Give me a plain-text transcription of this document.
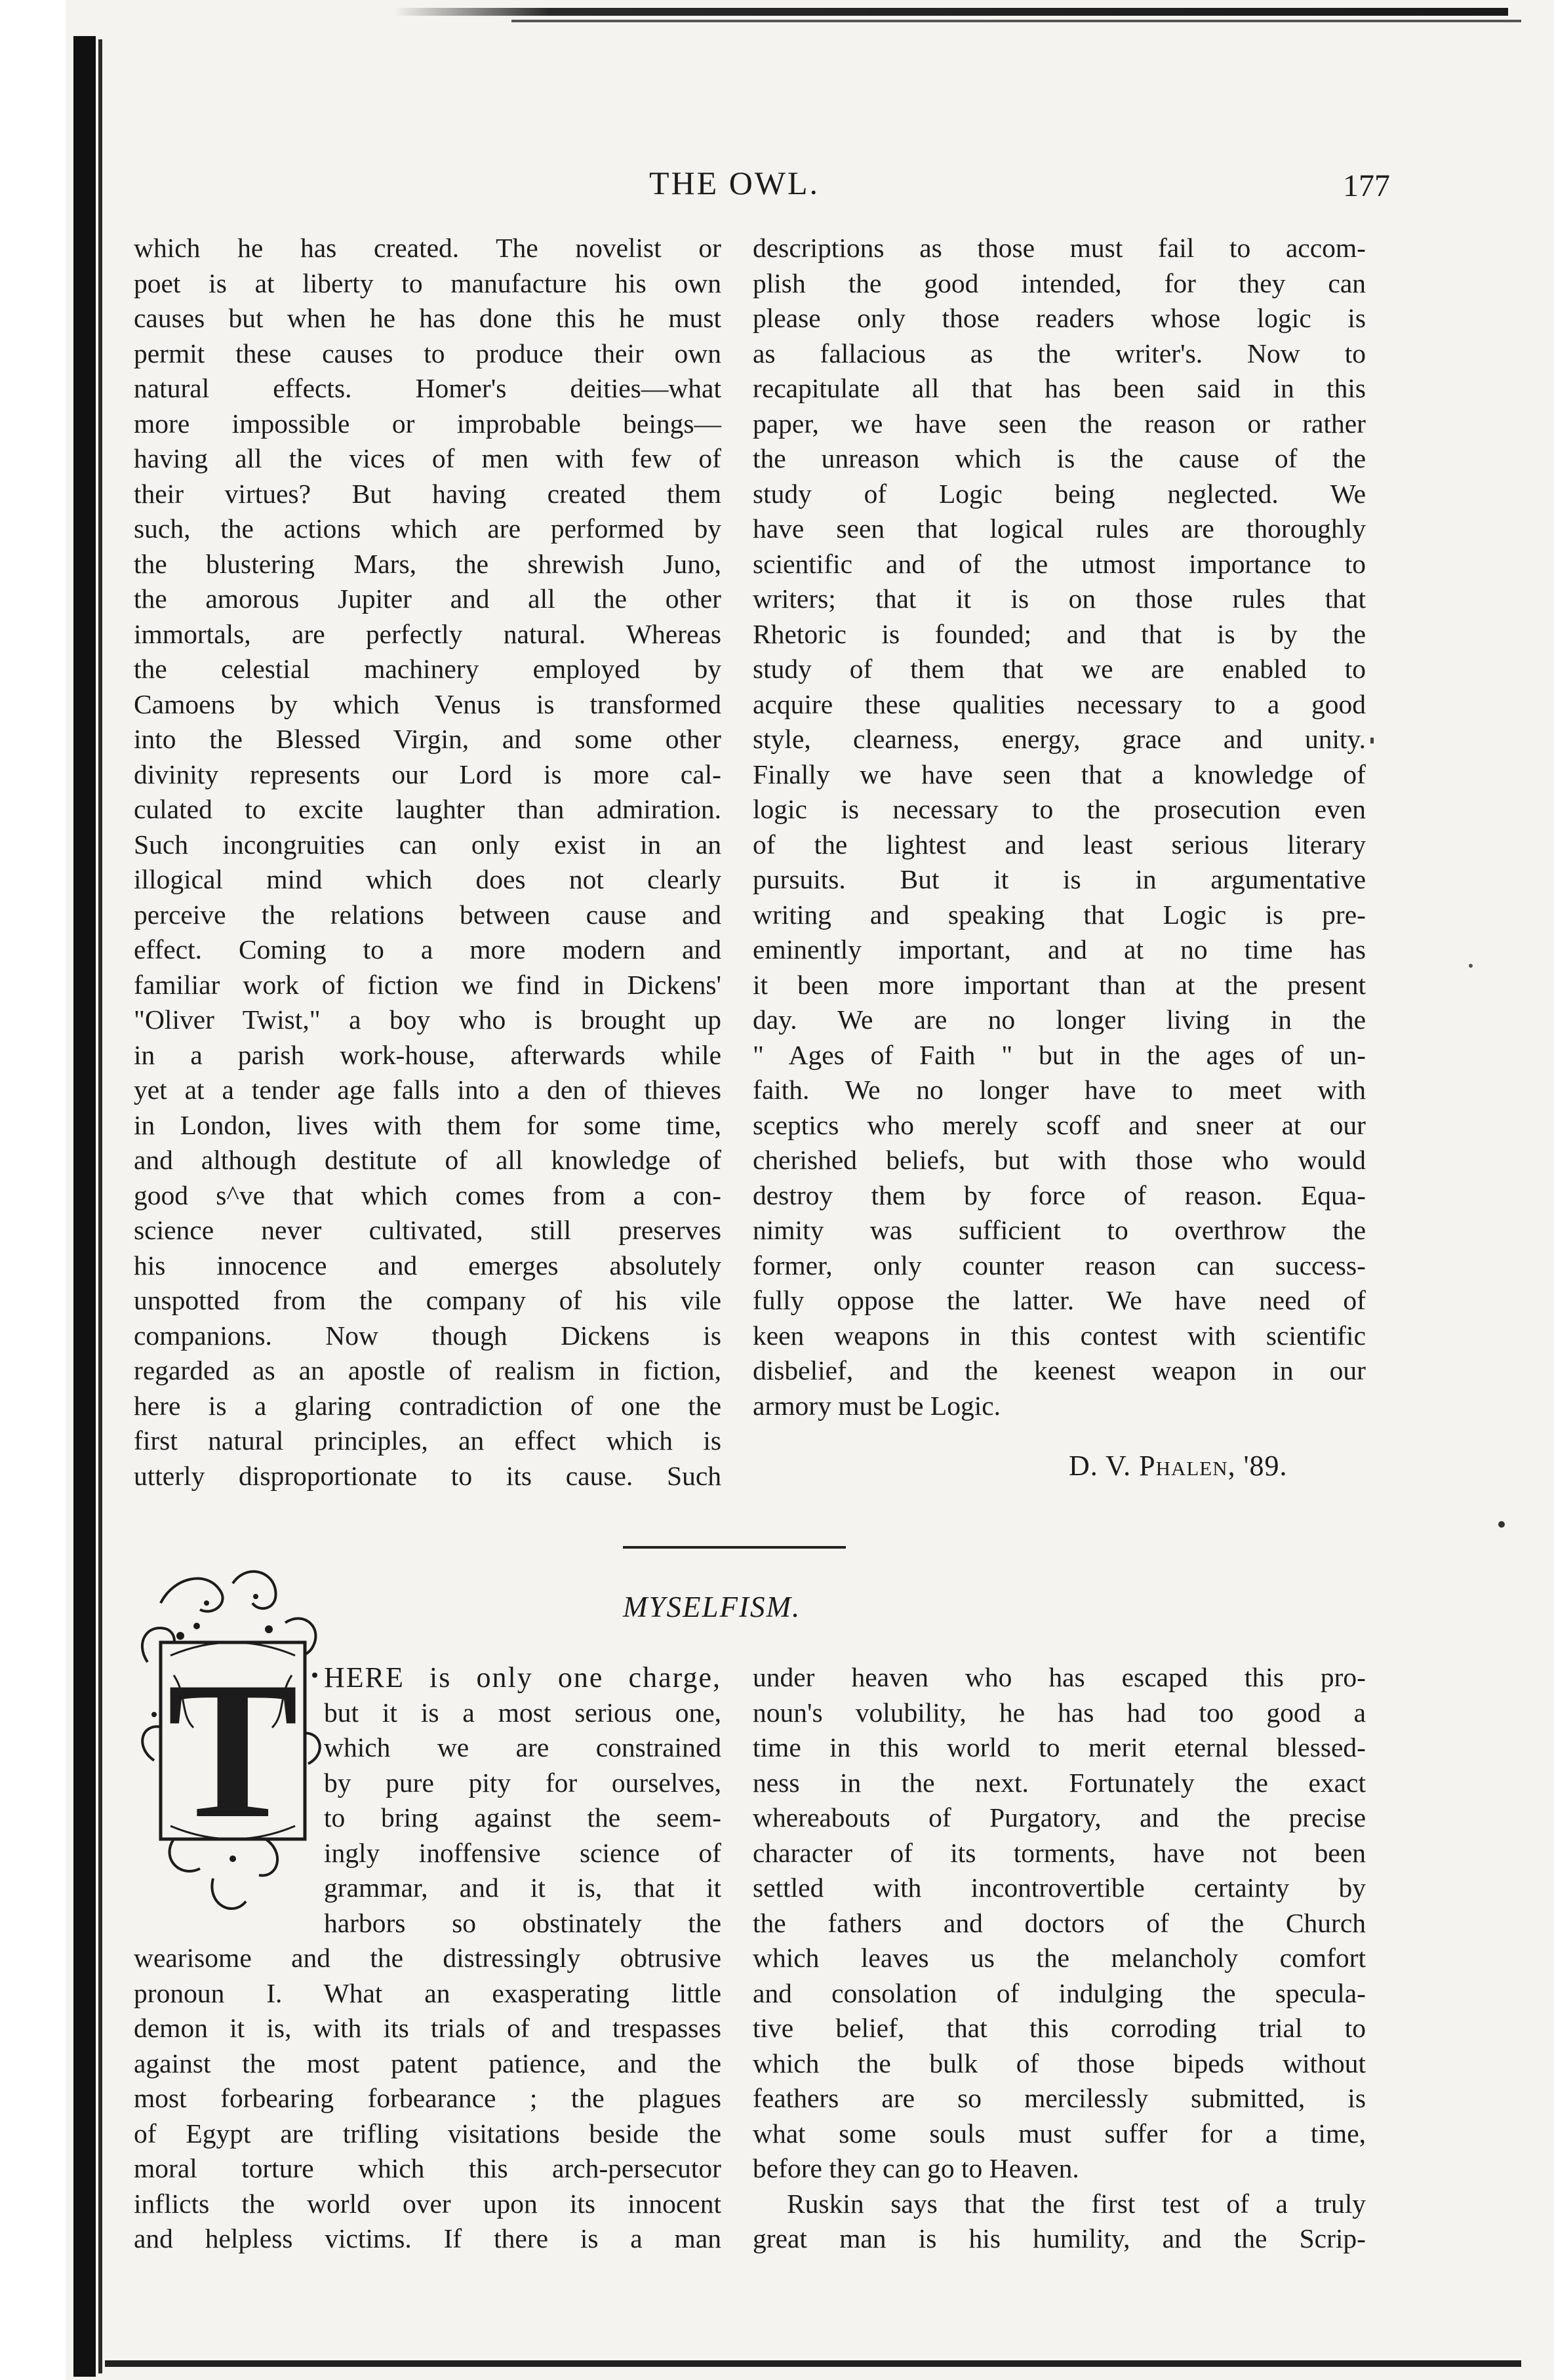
THE OWL.	177
which he has created. The novelist or
poet is at liberty to manufacture his own
causes but when he has done this he must
permit these causes to produce their own
natural effects. Homer's deities—what
more impossible or improbable beings—
having all the vices of men with few of
their virtues? But having created them
such, the actions which are performed by
the blustering Mars, the shrewish Juno,
the amorous Jupiter and all the other
immortals, are perfectly natural. Whereas
the celestial machinery employed by
Camoens by which Venus is transformed
into the Blessed Virgin, and some other
divinity represents our Lord is more cal-
culated to excite laughter than admiration.
Such incongruities can only exist in an
illogical mind which does not clearly
perceive the relations between cause and
effect. Coming to a more modern and
familiar work of fiction we find in Dickens'
"Oliver Twist," a boy who is brought up
in a parish work-house, afterwards while
yet at a tender age falls into a den of thieves
in London, lives with them for some time,
and although destitute of all knowledge of
good s^ve that which comes from a con-
science never cultivated, still preserves
his innocence and emerges absolutely
unspotted from the company of his vile
companions. Now though Dickens is
regarded as an apostle of realism in fiction,
here is a glaring contradiction of one the
first natural principles, an effect which is
utterly disproportionate to its cause. Such
descriptions as those must fail to accom-
plish the good intended, for they can
please only those readers whose logic is
as fallacious as the writer's. Now to
recapitulate all that has been said in this
paper, we have seen the reason or rather
the unreason which is the cause of the
study of Logic being neglected. We
have seen that logical rules are thoroughly
scientific and of the utmost importance to
writers; that it is on those rules that
Rhetoric is founded; and that is by the
study of them that we are enabled to
acquire these qualities necessary to a good
style, clearness, energy, grace and unity.
Finally we have seen that a knowledge of
logic is necessary to the prosecution even
of the lightest and least serious literary
pursuits. But it is in argumentative
writing and speaking that Logic is pre-
eminently important, and at no time has
it been more important than at the present
day. We are no longer living in the
" Ages of Faith " but in the ages of un-
faith. We no longer have to meet with
sceptics who merely scoff and sneer at our
cherished beliefs, but with those who would
destroy them by force of reason. Equa-
nimity was sufficient to overthrow the
former, only counter reason can success-
fully oppose the latter. We have need of
keen weapons in this contest with scientific
disbelief, and the keenest weapon in our
armory must be Logic.
D. V. Phalen, '89.
MYSELFISM.
T HERE is only one charge,
but it is a most serious one,
which we are constrained
by pure pity for ourselves,
to bring against the seem-
ingly inoffensive science of
grammar, and it is, that it
harbors so obstinately the
wearisome and the distressingly obtrusive
pronoun I. What an exasperating little
demon it is, with its trials of and trespasses
against the most patent patience, and the
most forbearing forbearance ; the plagues
of Egypt are trifling visitations beside the
moral torture which this arch-persecutor
inflicts the world over upon its innocent
and helpless victims. If there is a man
under heaven who has escaped this pro-
noun's volubility, he has had too good a
time in this world to merit eternal blessed-
ness in the next. Fortunately the exact
whereabouts of Purgatory, and the precise
character of its torments, have not been
settled with incontrovertible certainty by
the fathers and doctors of the Church
which leaves us the melancholy comfort
and consolation of indulging the specula-
tive belief, that this corroding trial to
which the bulk of those bipeds without
feathers are so mercilessly submitted, is
what some souls must suffer for a time,
before they can go to Heaven.
Ruskin says that the first test of a truly
great man is his humility, and the Scrip-
